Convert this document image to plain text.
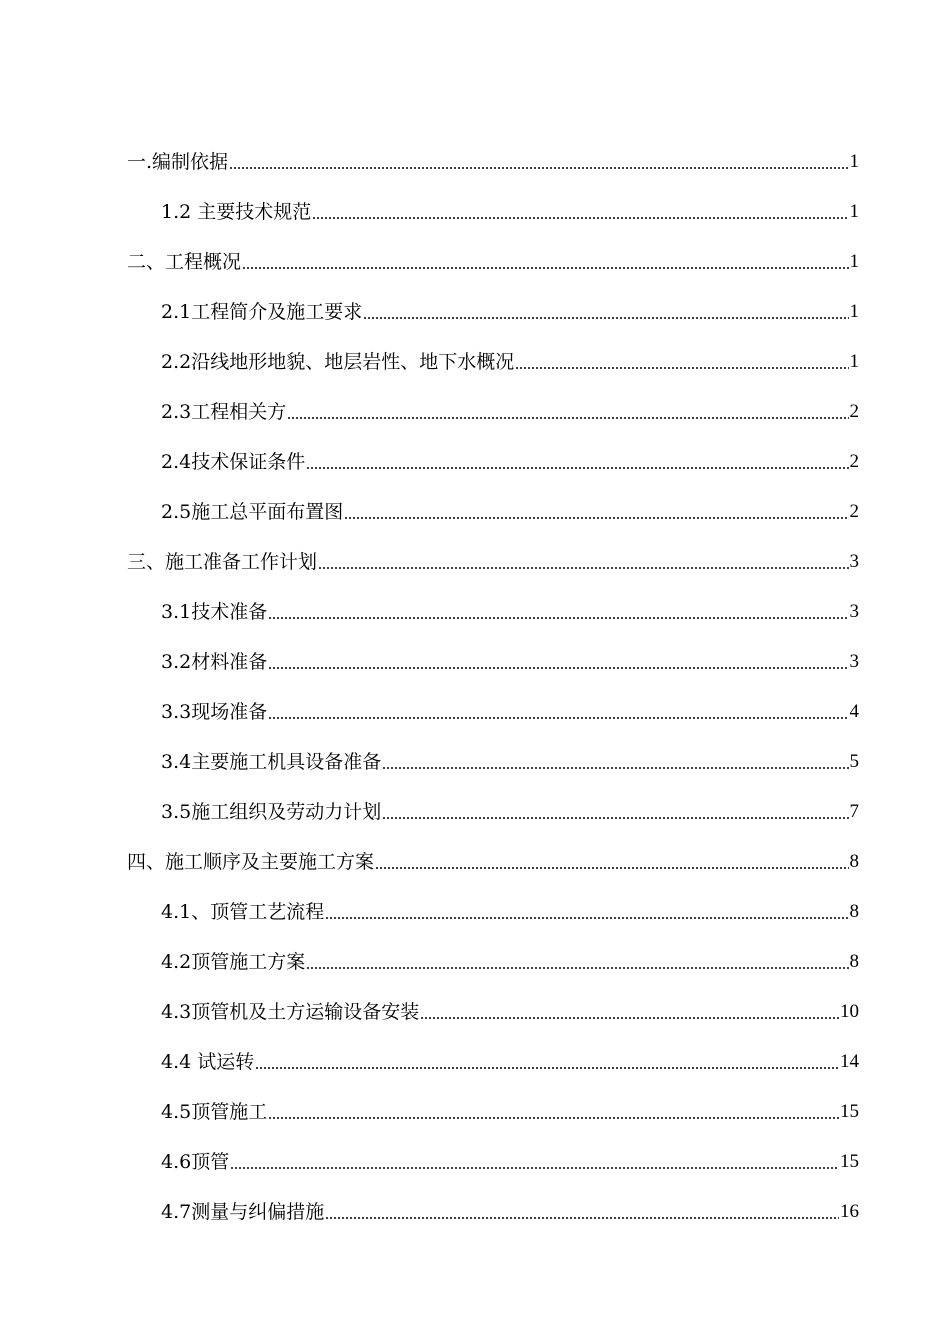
一.编制依据	1
1.2 主要技术规范	1
二、工程概况	1
2.1工程简介及施工要求	1
2.2沿线地形地貌、地层岩性、地下水概况	1
2.3工程相关方	2
2.4技术保证条件	2
2.5施工总平面布置图	2
三、施工准备工作计划	3
3.1技术准备	3
3.2材料准备	3
3.3现场准备	4
3.4主要施工机具设备准备	5
3.5施工组织及劳动力计划	7
四、施工顺序及主要施工方案	8
4.1、顶管工艺流程	8
4.2顶管施工方案	8
4.3顶管机及土方运输设备安装	10
4.4 试运转	14
4.5顶管施工	15
4.6顶管	15
4.7测量与纠偏措施	16
